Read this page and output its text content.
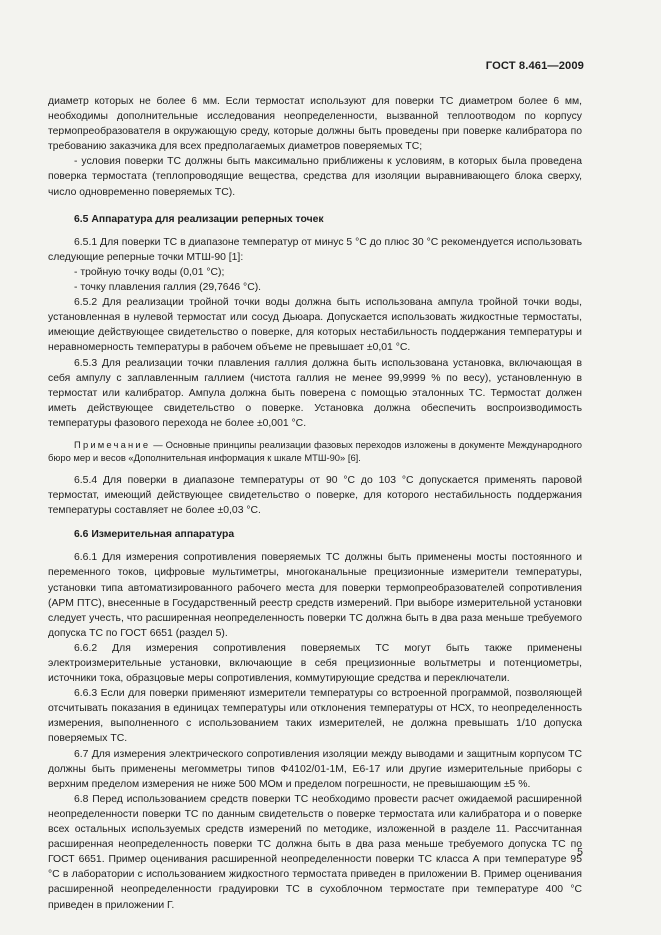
ГОСТ 8.461—2009

диаметр которых не более 6 мм. Если термостат используют для поверки ТС диаметром более 6 мм, необходимы дополнительные исследования неопределенности, вызванной теплоотводом по корпусу термопреобразователя в окружающую среду, которые должны быть проведены при поверке калибратора по требованию заказчика для всех предполагаемых диаметров поверяемых ТС;

- условия поверки ТС должны быть максимально приближены к условиям, в которых была проведена поверка термостата (теплопроводящие вещества, средства для изоляции выравнивающего блока сверху, число одновременно поверяемых ТС).

6.5 Аппаратура для реализации реперных точек

6.5.1 Для поверки ТС в диапазоне температур от минус 5 °С до плюс 30 °С рекомендуется использовать следующие реперные точки МТШ-90 [1]:

- тройную точку воды (0,01 °С);

- точку плавления галлия (29,7646 °С).

6.5.2 Для реализации тройной точки воды должна быть использована ампула тройной точки воды, установленная в нулевой термостат или сосуд Дьюара. Допускается использовать жидкостные термостаты, имеющие действующее свидетельство о поверке, для которых нестабильность поддержания температуры и неравномерность температуры в рабочем объеме не превышает ±0,01 °С.

6.5.3 Для реализации точки плавления галлия должна быть использована установка, включающая в себя ампулу с заплавленным галлием (чистота галлия не менее 99,9999 % по весу), установленную в термостат или калибратор. Ампула должна быть поверена с помощью эталонных ТС. Термостат должен иметь действующее свидетельство о поверке. Установка должна обеспечить воспроизводимость температуры фазового перехода не более ±0,001 °С.

Примечание — Основные принципы реализации фазовых переходов изложены в документе Международного бюро мер и весов «Дополнительная информация к шкале МТШ-90» [6].

6.5.4 Для поверки в диапазоне температуры от 90 °С до 103 °С допускается применять паровой термостат, имеющий действующее свидетельство о поверке, для которого нестабильность поддержания температуры составляет не более ±0,03 °С.

6.6 Измерительная аппаратура

6.6.1 Для измерения сопротивления поверяемых ТС должны быть применены мосты постоянного и переменного токов, цифровые мультиметры, многоканальные прецизионные измерители температуры, установки типа автоматизированного рабочего места для поверки термопреобразователей сопротивления (АРМ ПТС), внесенные в Государственный реестр средств измерений. При выборе измерительной установки следует учесть, что расширенная неопределенность поверки ТС должна быть в два раза меньше требуемого допуска ТС по ГОСТ 6651 (раздел 5).

6.6.2 Для измерения сопротивления поверяемых ТС могут быть также применены электроизмерительные установки, включающие в себя прецизионные вольтметры и потенциометры, источники тока, образцовые меры сопротивления, коммутирующие средства и переключатели.

6.6.3 Если для поверки применяют измерители температуры со встроенной программой, позволяющей отсчитывать показания в единицах температуры или отклонения температуры от НСХ, то неопределенность измерения, выполненного с использованием таких измерителей, не должна превышать 1/10 допуска поверяемых ТС.

6.7 Для измерения электрического сопротивления изоляции между выводами и защитным корпусом ТС должны быть применены мегомметры типов Ф4102/01-1М, Е6-17 или другие измерительные приборы с верхним пределом измерения не ниже 500 МОм и пределом погрешности, не превышающим ±5 %.

6.8 Перед использованием средств поверки ТС необходимо провести расчет ожидаемой расширенной неопределенности поверки ТС по данным свидетельств о поверке термостата или калибратора и о поверке всех остальных используемых средств измерений по методике, изложенной в разделе 11. Рассчитанная расширенная неопределенность поверки ТС должна быть в два раза меньше требуемого допуска ТС по ГОСТ 6651. Пример оценивания расширенной неопределенности поверки ТС класса А при температуре 95 °С в лаборатории с использованием жидкостного термостата приведен в приложении В. Пример оценивания расширенной неопределенности градуировки ТС в сухоблочном термостате при температуре 400 °С приведен в приложении Г.

5
